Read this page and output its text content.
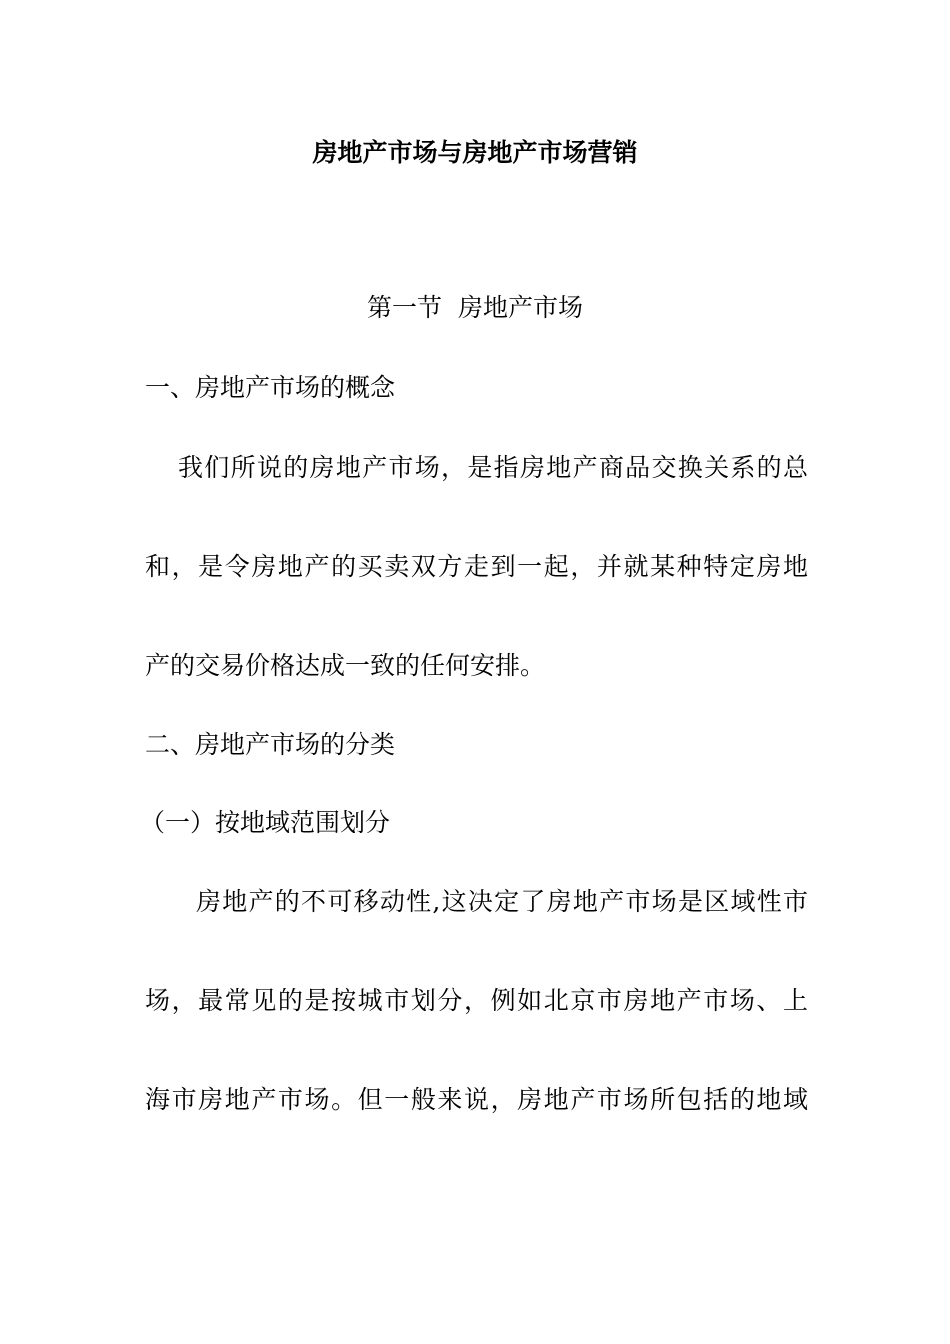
房地产市场与房地产市场营销
第一节  房地产市场
一、房地产市场的概念
我们所说的房地产市场，是指房地产商品交换关系的总
和，是令房地产的买卖双方走到一起，并就某种特定房地
产的交易价格达成一致的任何安排。
二、房地产市场的分类
（一）按地域范围划分
房地产的不可移动性,这决定了房地产市场是区域性市
场，最常见的是按城市划分，例如北京市房地产市场、上
海市房地产市场。但一般来说，房地产市场所包括的地域
